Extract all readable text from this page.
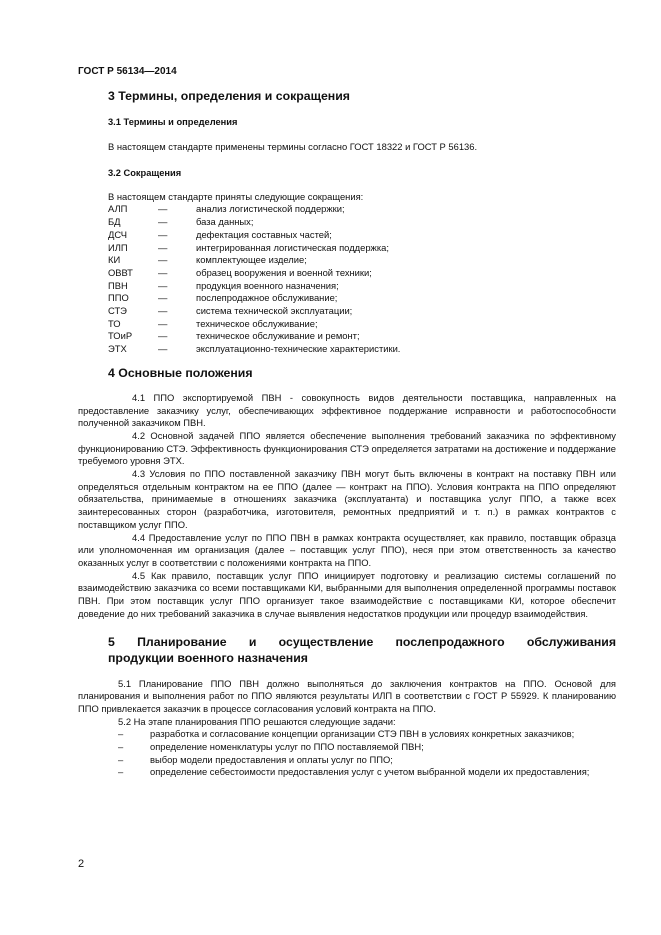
ГОСТ Р 56134—2014
3 Термины, определения и сокращения
3.1 Термины и определения
В настоящем стандарте применены термины согласно ГОСТ 18322 и ГОСТ Р 56136.
3.2 Сокращения
В настоящем стандарте приняты следующие сокращения:
АЛП	—	анализ логистической поддержки;
БД	—	база данных;
ДСЧ	—	дефектация составных частей;
ИЛП	—	интегрированная логистическая поддержка;
КИ	—	комплектующее изделие;
ОВВТ	—	образец вооружения и военной техники;
ПВН	—	продукция военного назначения;
ППО	—	послепродажное обслуживание;
СТЭ	—	система технической эксплуатации;
ТО	—	техническое обслуживание;
ТОиР	—	техническое обслуживание и ремонт;
ЭТХ	—	эксплуатационно-технические характеристики.
4 Основные положения
4.1 ППО экспортируемой ПВН - совокупность видов деятельности поставщика, направленных на предоставление заказчику услуг, обеспечивающих эффективное поддержание исправности и работоспособности полученной заказчиком ПВН.
4.2 Основной задачей ППО является обеспечение выполнения требований заказчика по эффективному функционированию СТЭ. Эффективность функционирования СТЭ определяется затратами на достижение и поддержание требуемого уровня ЭТХ.
4.3 Условия по ППО поставленной заказчику ПВН могут быть включены в контракт на поставку ПВН или определяться отдельным контрактом на ее ППО (далее — контракт на ППО). Условия контракта на ППО определяют обязательства, принимаемые в отношениях заказчика (эксплуатанта) и поставщика услуг ППО, а также всех заинтересованных сторон (разработчика, изготовителя, ремонтных предприятий и т. п.) в рамках контрактов с поставщиком услуг ППО.
4.4 Предоставление услуг по ППО ПВН в рамках контракта осуществляет, как правило, поставщик образца или уполномоченная им организация (далее – поставщик услуг ППО), неся при этом ответственность за качество оказанных услуг в соответствии с положениями контракта на ППО.
4.5 Как правило, поставщик услуг ППО инициирует подготовку и реализацию системы соглашений по взаимодействию заказчика со всеми поставщиками КИ, выбранными для выполнения определенной программы поставок ПВН. При этом поставщик услуг ППО организует такое взаимодействие с поставщиками КИ, которое обеспечит доведение до них требований заказчика в случае выявления недостатков продукции или процедур взаимодействия.
5 Планирование и осуществление послепродажного обслуживания
продукции военного назначения
5.1 Планирование ППО ПВН должно выполняться до заключения контрактов на ППО. Основой для планирования и выполнения работ по ППО являются результаты ИЛП в соответствии с ГОСТ Р 55929. К планированию ППО привлекается заказчик в процессе согласования условий контракта на ППО.
5.2 На этапе планирования ППО решаются следующие задачи:
–	разработка и согласование концепции организации СТЭ ПВН в условиях конкретных заказчиков;
–	определение номенклатуры услуг по ППО поставляемой ПВН;
–	выбор модели предоставления и оплаты услуг по ППО;
–	определение себестоимости предоставления услуг с учетом выбранной модели их предоставления;
2
